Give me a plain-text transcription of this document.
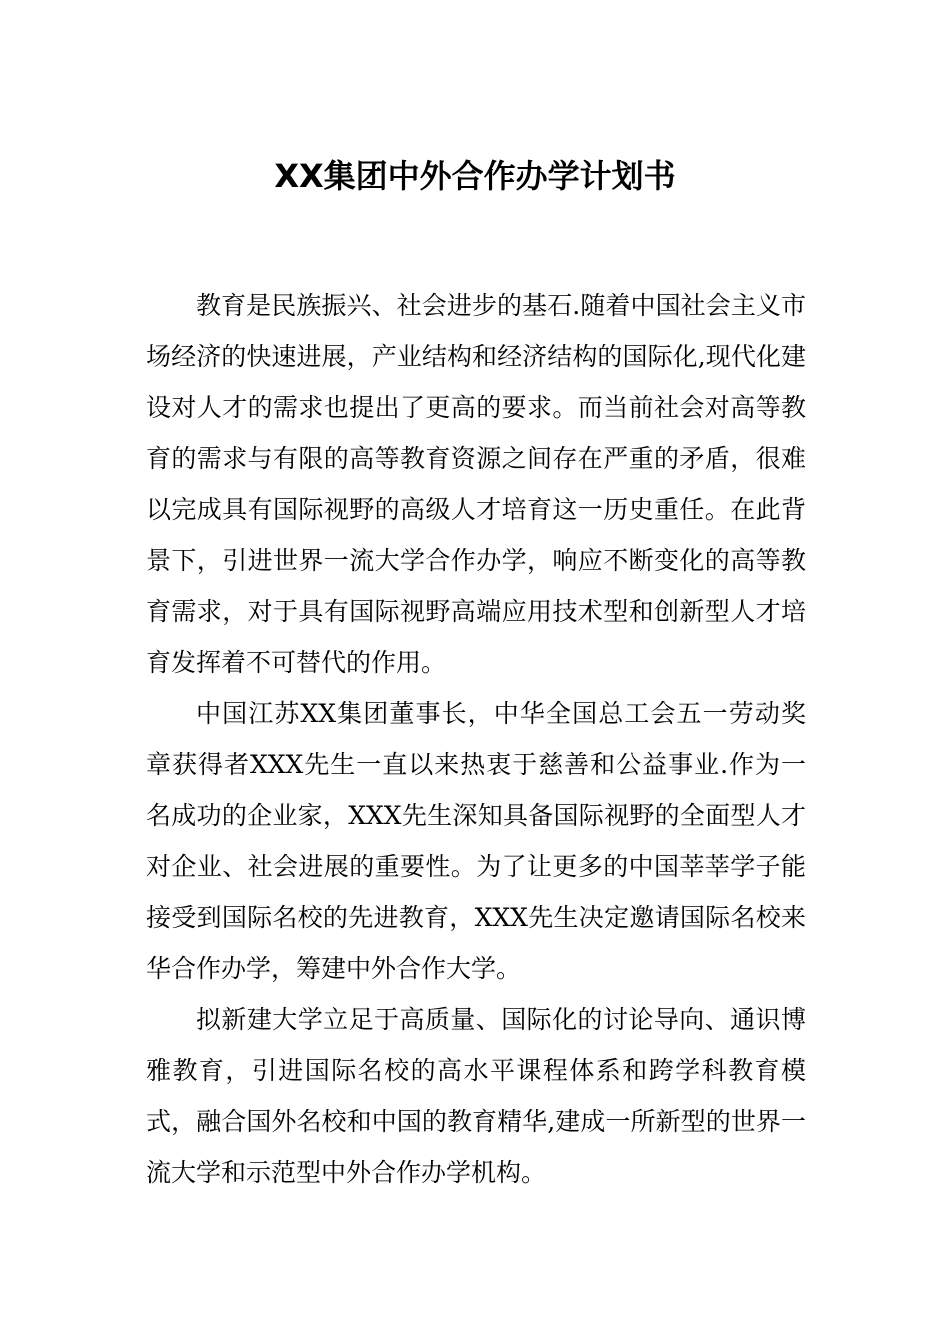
XX集团中外合作办学计划书

教育是民族振兴、社会进步的基石.随着中国社会主义市场经济的快速进展，产业结构和经济结构的国际化,现代化建设对人才的需求也提出了更高的要求。而当前社会对高等教育的需求与有限的高等教育资源之间存在严重的矛盾，很难以完成具有国际视野的高级人才培育这一历史重任。在此背景下，引进世界一流大学合作办学，响应不断变化的高等教育需求，对于具有国际视野高端应用技术型和创新型人才培育发挥着不可替代的作用。

中国江苏XX集团董事长，中华全国总工会五一劳动奖章获得者XXX先生一直以来热衷于慈善和公益事业.作为一名成功的企业家，XXX先生深知具备国际视野的全面型人才对企业、社会进展的重要性。为了让更多的中国莘莘学子能接受到国际名校的先进教育，XXX先生决定邀请国际名校来华合作办学，筹建中外合作大学。

拟新建大学立足于高质量、国际化的讨论导向、通识博雅教育，引进国际名校的高水平课程体系和跨学科教育模式，融合国外名校和中国的教育精华,建成一所新型的世界一流大学和示范型中外合作办学机构。
